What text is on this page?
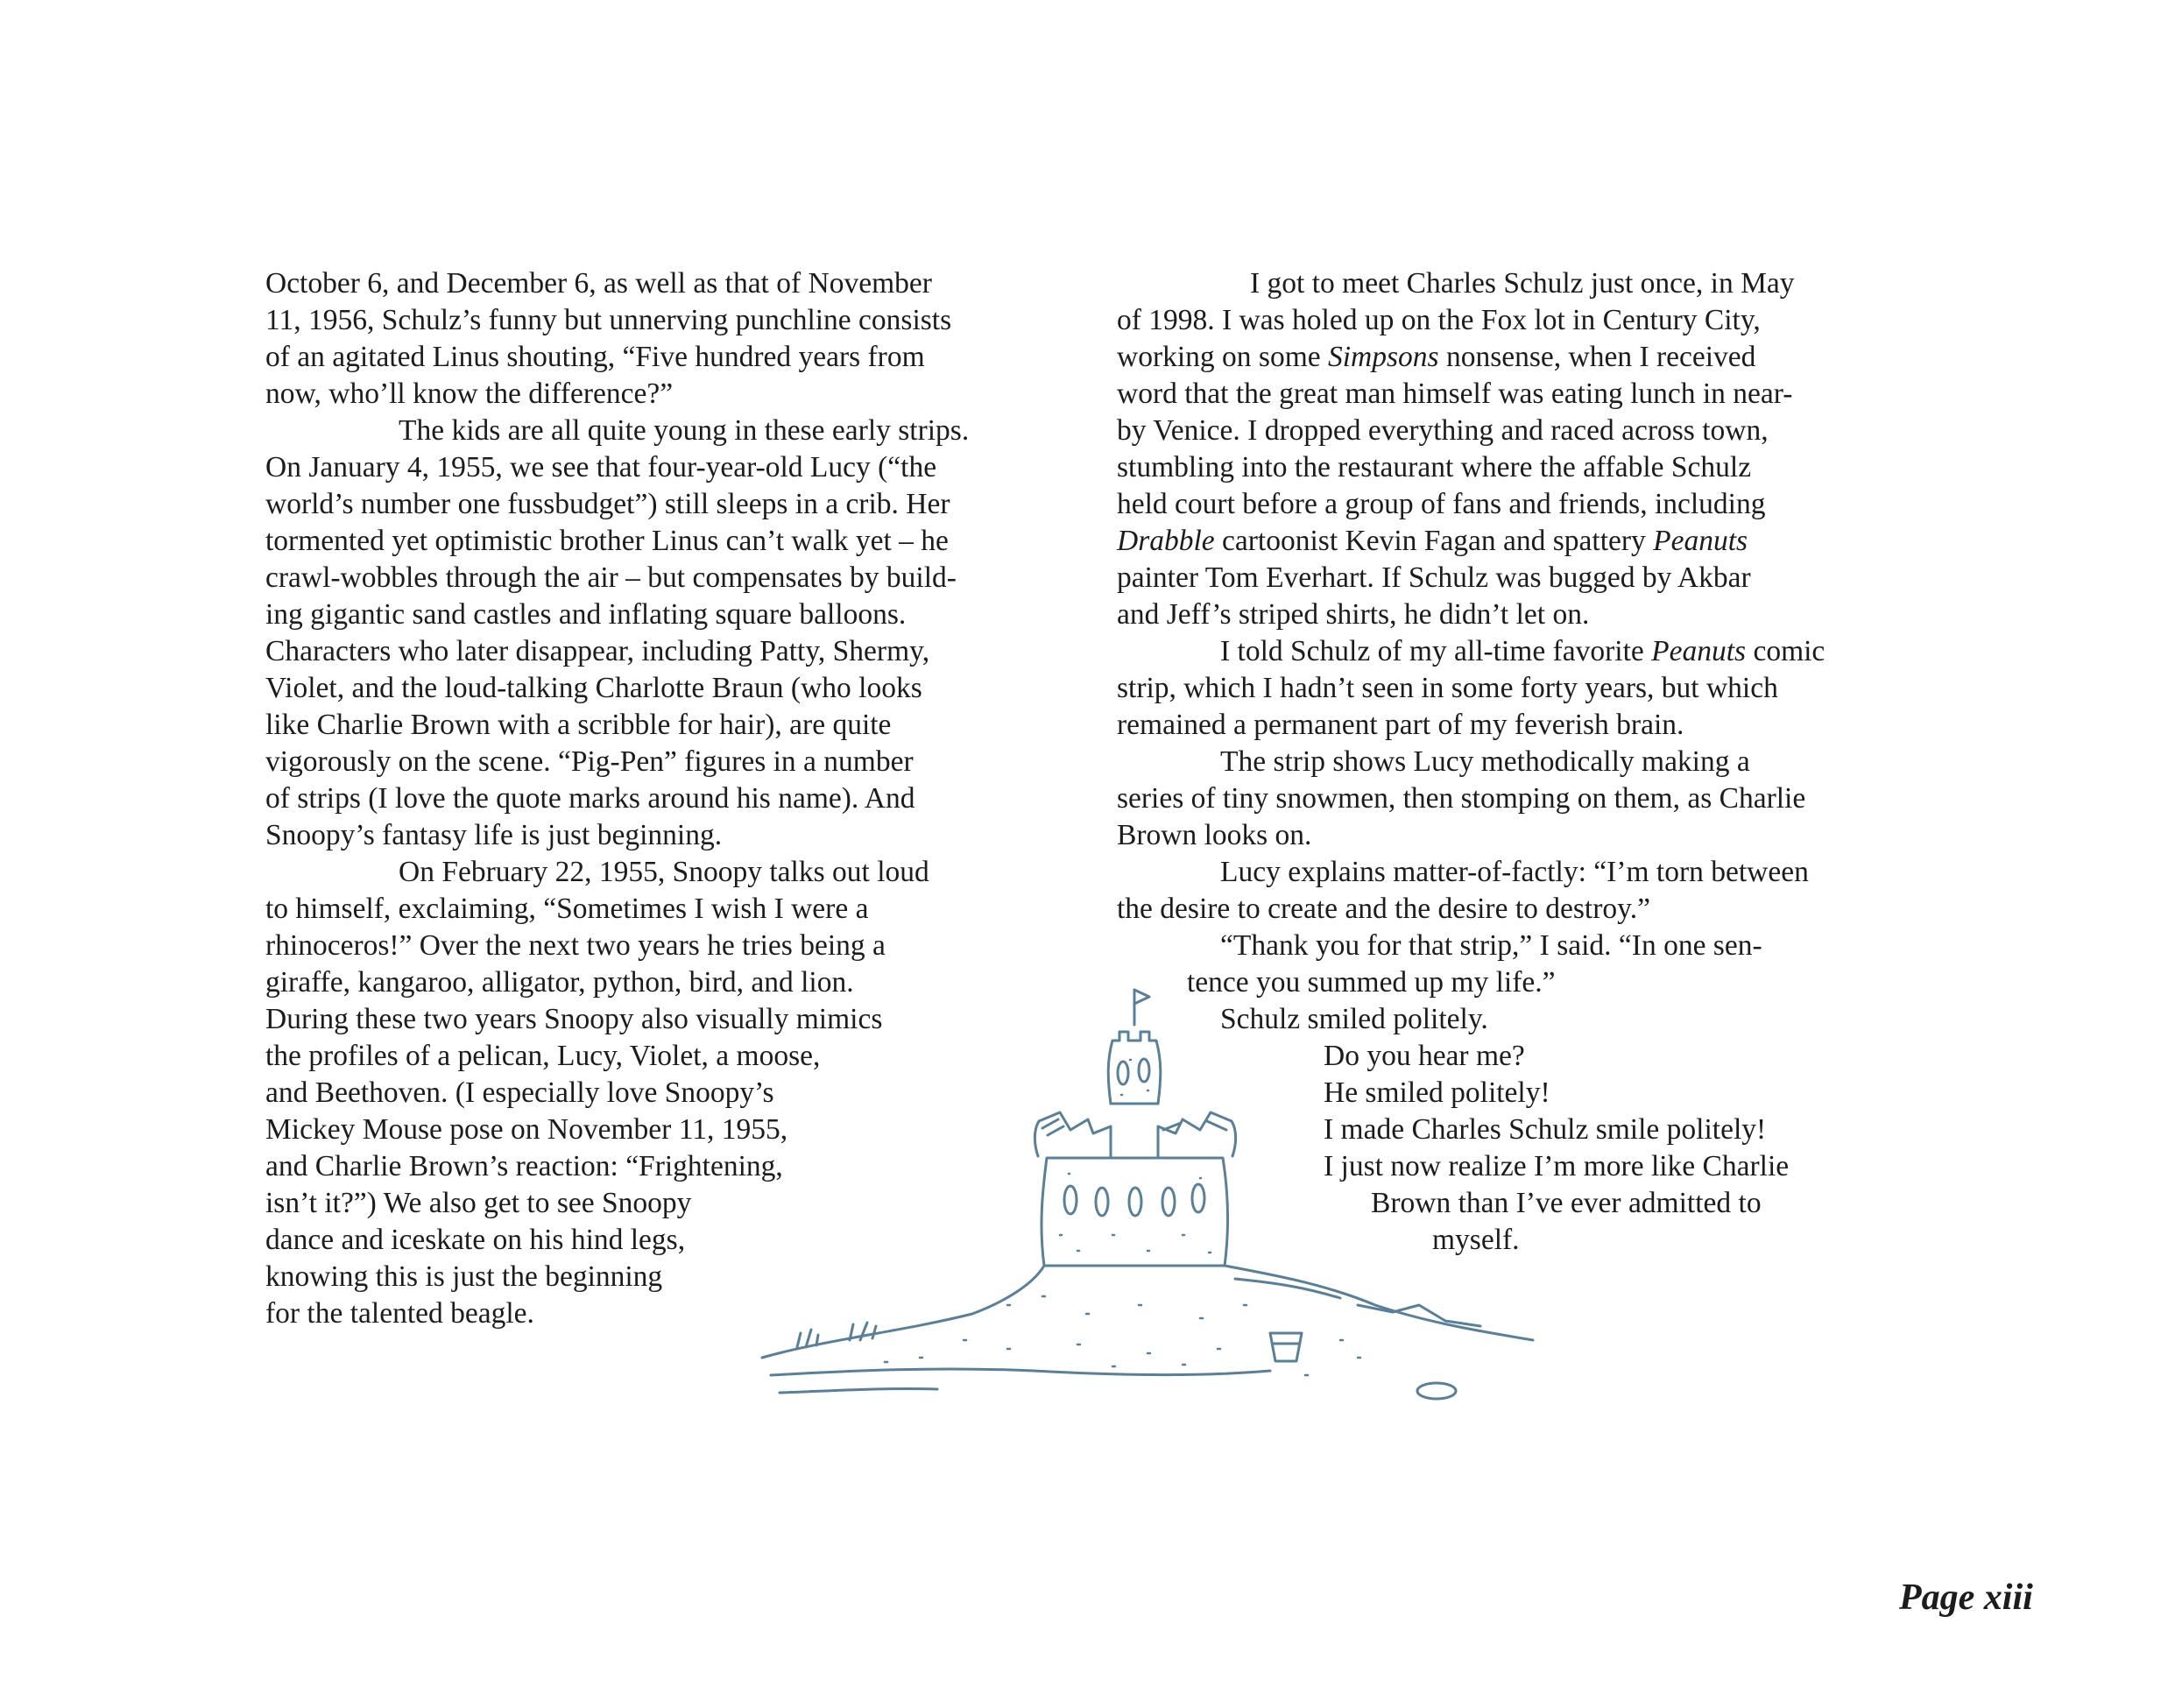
October 6, and December 6, as well as that of November
11, 1956, Schulz’s funny but unnerving punchline consists
of an agitated Linus shouting, “Five hundred years from
now, who’ll know the difference?”
The kids are all quite young in these early strips.
On January 4, 1955, we see that four-year-old Lucy (“the
world’s number one fussbudget”) still sleeps in a crib. Her
tormented yet optimistic brother Linus can’t walk yet – he
crawl-wobbles through the air – but compensates by build-
ing gigantic sand castles and inflating square balloons.
Characters who later disappear, including Patty, Shermy,
Violet, and the loud-talking Charlotte Braun (who looks
like Charlie Brown with a scribble for hair), are quite
vigorously on the scene. “Pig-Pen” figures in a number
of strips (I love the quote marks around his name). And
Snoopy’s fantasy life is just beginning.
On February 22, 1955, Snoopy talks out loud
to himself, exclaiming, “Sometimes I wish I were a
rhinoceros!” Over the next two years he tries being a
giraffe, kangaroo, alligator, python, bird, and lion.
During these two years Snoopy also visually mimics
the profiles of a pelican, Lucy, Violet, a moose,
and Beethoven. (I especially love Snoopy’s
Mickey Mouse pose on November 11, 1955,
and Charlie Brown’s reaction: “Frightening,
isn’t it?”) We also get to see Snoopy
dance and iceskate on his hind legs,
knowing this is just the beginning
for the talented beagle.
I got to meet Charles Schulz just once, in May
of 1998. I was holed up on the Fox lot in Century City,
working on some Simpsons nonsense, when I received
word that the great man himself was eating lunch in near-
by Venice. I dropped everything and raced across town,
stumbling into the restaurant where the affable Schulz
held court before a group of fans and friends, including
Drabble cartoonist Kevin Fagan and spattery Peanuts
painter Tom Everhart. If Schulz was bugged by Akbar
and Jeff’s striped shirts, he didn’t let on.
I told Schulz of my all-time favorite Peanuts comic
strip, which I hadn’t seen in some forty years, but which
remained a permanent part of my feverish brain.
The strip shows Lucy methodically making a
series of tiny snowmen, then stomping on them, as Charlie
Brown looks on.
Lucy explains matter-of-factly: “I’m torn between
the desire to create and the desire to destroy.”
“Thank you for that strip,” I said. “In one sen-
tence you summed up my life.”
Schulz smiled politely.
Do you hear me?
He smiled politely!
I made Charles Schulz smile politely!
I just now realize I’m more like Charlie
Brown than I’ve ever admitted to
myself.
Page xiii
